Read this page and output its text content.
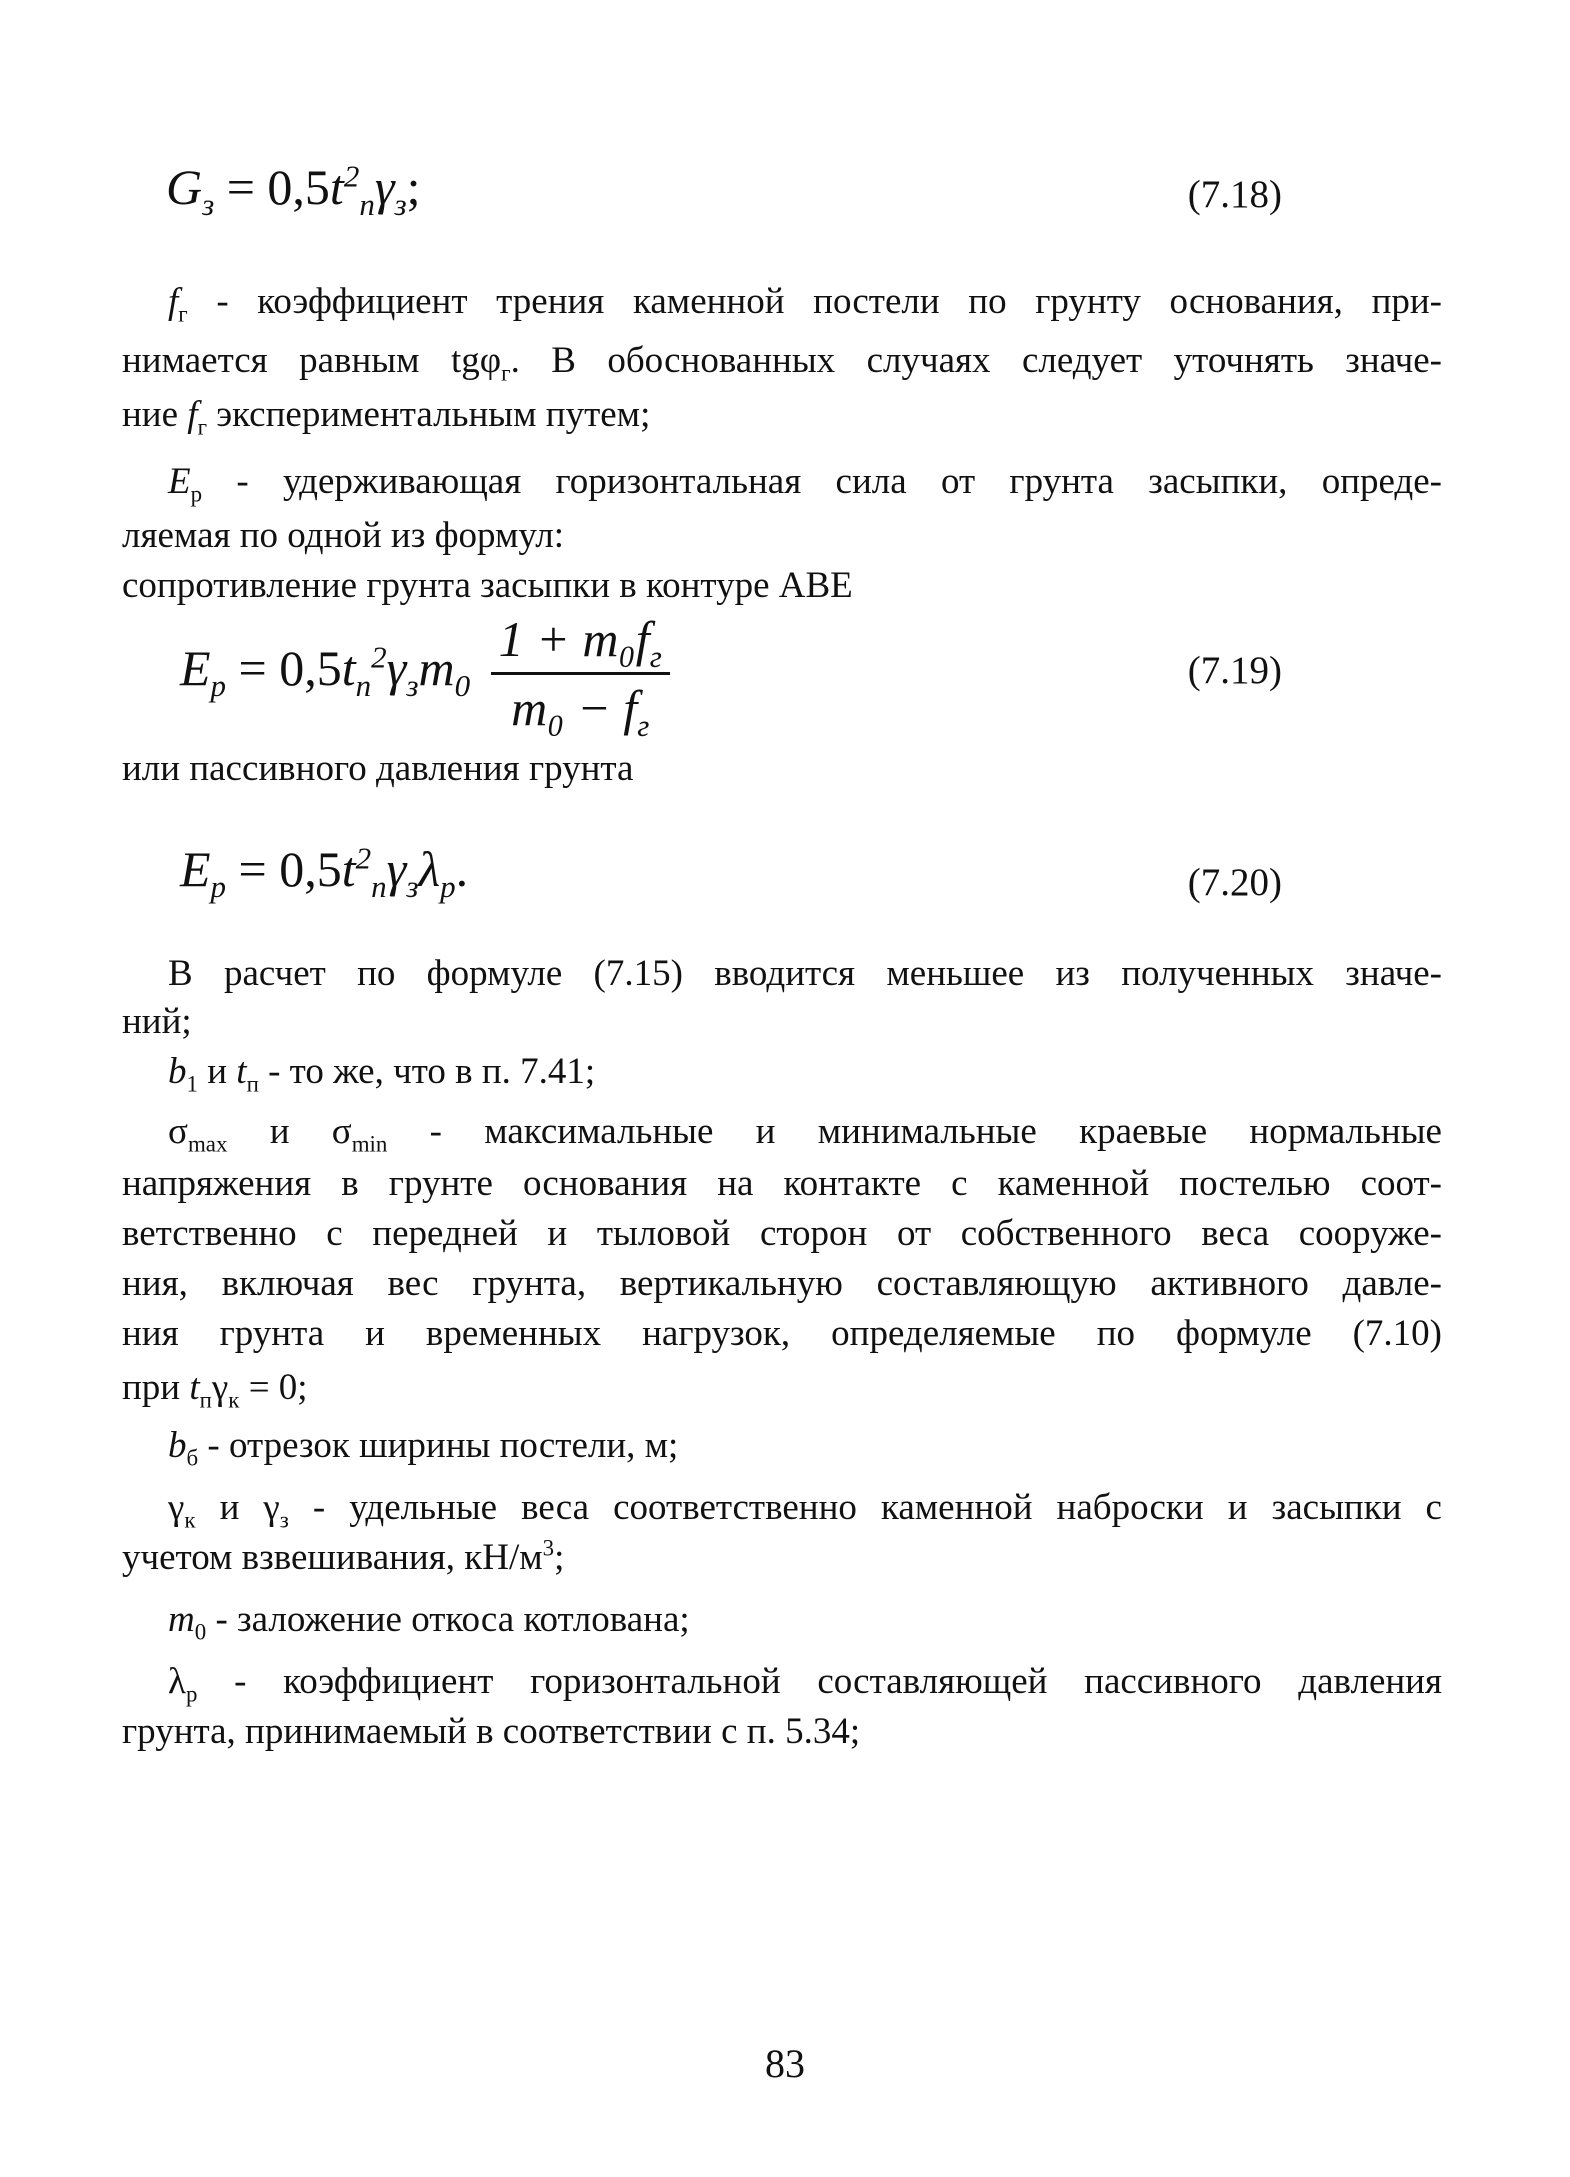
$G_з = 0,5t^2_п\gamma_з$;	(7.18)
$f_г$ - коэффициент трения каменной постели по грунту основания, при-
нимается равным tgφ$_г$. В обоснованных случаях следует уточнять значе-
ние $f_г$ экспериментальным путем;
$E_р$ - удерживающая горизонтальная сила от грунта засыпки, опреде-
ляемая по одной из формул:
сопротивление грунта засыпки в контуре АВЕ
$E_р = 0,5t_п^2\gamma_зm_0 \frac{1 + m_0f_г}{m_0 - f_г}$	(7.19)
или пассивного давления грунта
$E_р = 0,5t^2_п\gamma_з\lambda_р$.	(7.20)
В расчет по формуле (7.15) вводится меньшее из полученных значе-
ний;
$b_1$ и $t_п$ - то же, что в п. 7.41;
$\sigma_{max}$ и $\sigma_{min}$ - максимальные и минимальные краевые нормальные
напряжения в грунте основания на контакте с каменной постелью соот-
ветственно с передней и тыловой сторон от собственного веса сооруже-
ния, включая вес грунта, вертикальную составляющую активного давле-
ния грунта и временных нагрузок, определяемые по формуле (7.10)
при $t_п\gamma_к = 0$;
$b_б$ - отрезок ширины постели, м;
$\gamma_к$ и $\gamma_з$ - удельные веса соответственно каменной наброски и засыпки с
учетом взвешивания, $кН/м^3$;
$m_0$ - заложение откоса котлована;
$\lambda_р$ - коэффициент горизонтальной составляющей пассивного давления
грунта, принимаемый в соответствии с п. 5.34;
83
